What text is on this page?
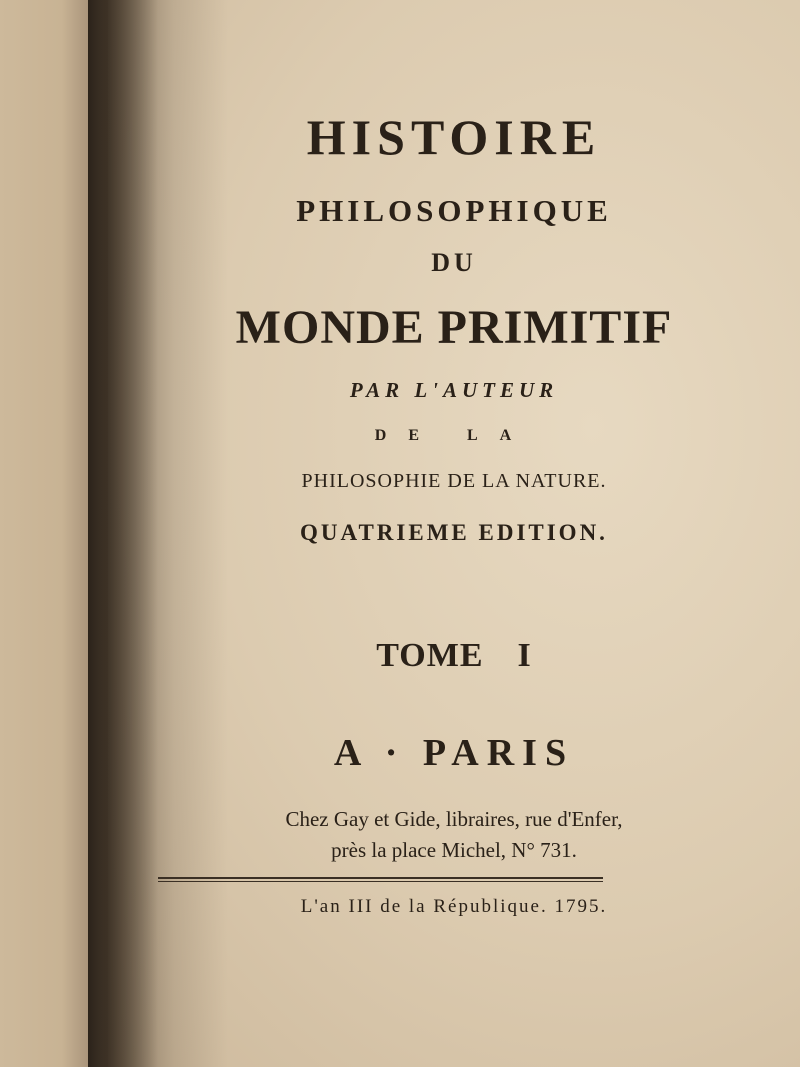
HISTOIRE
PHILOSOPHIQUE
DU
MONDE PRIMITIF
PAR L'AUTEUR
DE LA
PHILOSOPHIE DE LA NATURE.
QUATRIEME EDITION.
TOME I
A · PARIS
Chez Gay et Gide, libraires, rue d'Enfer,
près la place Michel, N° 731.
L'an III de la République. 1795.
